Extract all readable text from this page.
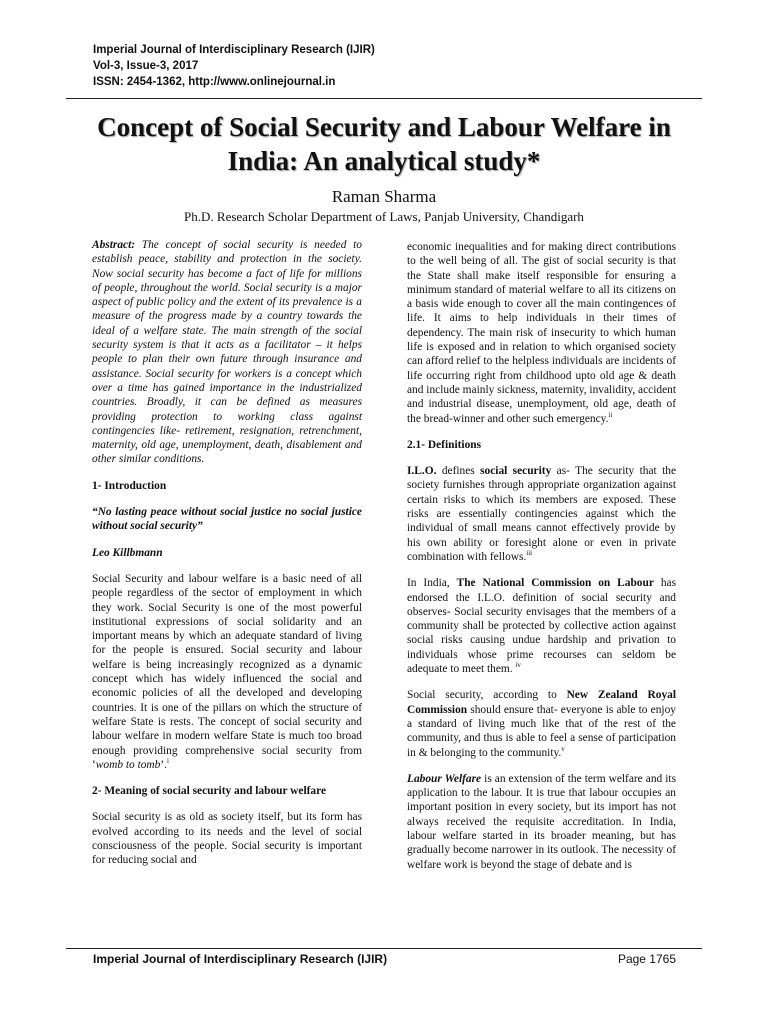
Imperial Journal of Interdisciplinary Research (IJIR)
Vol-3, Issue-3, 2017
ISSN: 2454-1362, http://www.onlinejournal.in
Concept of Social Security and Labour Welfare in India: An analytical study*
Raman Sharma
Ph.D. Research Scholar Department of Laws, Panjab University, Chandigarh

Abstract: The concept of social security is needed to establish peace, stability and protection in the society. Now social security has become a fact of life for millions of people, throughout the world. Social security is a major aspect of public policy and the extent of its prevalence is a measure of the progress made by a country towards the ideal of a welfare state. The main strength of the social security system is that it acts as a facilitator – it helps people to plan their own future through insurance and assistance. Social security for workers is a concept which over a time has gained importance in the industrialized countries. Broadly, it can be defined as measures providing protection to working class against contingencies like- retirement, resignation, retrenchment, maternity, old age, unemployment, death, disablement and other similar conditions.

1- Introduction

“No lasting peace without social justice no social justice without social security”

Leo Killbmann

Social Security and labour welfare is a basic need of all people regardless of the sector of employment in which they work. Social Security is one of the most powerful institutional expressions of social solidarity and an important means by which an adequate standard of living for the people is ensured. Social security and labour welfare is being increasingly recognized as a dynamic concept which has widely influenced the social and economic policies of all the developed and developing countries. It is one of the pillars on which the structure of welfare State is rests. The concept of social security and labour welfare in modern welfare State is much too broad enough providing comprehensive social security from ‘womb to tomb’.$^i$

2- Meaning of social security and labour welfare

Social security is as old as society itself, but its form has evolved according to its needs and the level of social consciousness of the people. Social security is important for reducing social and

economic inequalities and for making direct contributions to the well being of all. The gist of social security is that the State shall make itself responsible for ensuring a minimum standard of material welfare to all its citizens on a basis wide enough to cover all the main contingences of life. It aims to help individuals in their times of dependency. The main risk of insecurity to which human life is exposed and in relation to which organised society can afford relief to the helpless individuals are incidents of life occurring right from childhood upto old age & death and include mainly sickness, maternity, invalidity, accident and industrial disease, unemployment, old age, death of the bread-winner and other such emergency.$^{ii}$

2.1- Definitions

I.L.O. defines social security as- The security that the society furnishes through appropriate organization against certain risks to which its members are exposed. These risks are essentially contingencies against which the individual of small means cannot effectively provide by his own ability or foresight alone or even in private combination with fellows.$^{iii}$

In India, The National Commission on Labour has endorsed the I.L.O. definition of social security and observes- Social security envisages that the members of a community shall be protected by collective action against social risks causing undue hardship and privation to individuals whose prime recourses can seldom be adequate to meet them. $^{iv}$

Social security, according to New Zealand Royal Commission should ensure that- everyone is able to enjoy a standard of living much like that of the rest of the community, and thus is able to feel a sense of participation in & belonging to the community.$^v$

Labour Welfare is an extension of the term welfare and its application to the labour. It is true that labour occupies an important position in every society, but its import has not always received the requisite accreditation. In India, labour welfare started in its broader meaning, but has gradually become narrower in its outlook. The necessity of welfare work is beyond the stage of debate and is

Imperial Journal of Interdisciplinary Research (IJIR)	Page 1765
